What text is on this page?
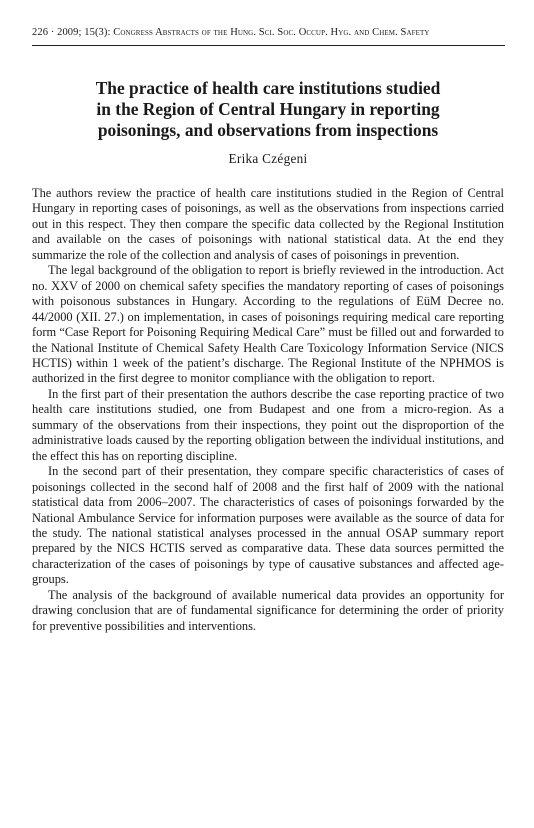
226 · 2009; 15(3): Congress Abstracts of the Hung. Sci. Soc. Occup. Hyg. and Chem. Safety
The practice of health care institutions studied
in the Region of Central Hungary in reporting
poisonings, and observations from inspections
Erika Czégeni

The authors review the practice of health care institutions studied in the Region of Central Hungary in reporting cases of poisonings, as well as the observations from inspections carried out in this respect. They then compare the specific data collected by the Regional Institution and available on the cases of poisonings with national statistical data. At the end they summarize the role of the collection and analysis of cases of poisonings in prevention.

The legal background of the obligation to report is briefly reviewed in the introduction. Act no. XXV of 2000 on chemical safety specifies the mandatory reporting of cases of poisonings with poisonous substances in Hungary. According to the regulations of EüM Decree no. 44/2000 (XII. 27.) on implementation, in cases of poisonings requiring medical care reporting form “Case Report for Poisoning Requiring Medical Care” must be filled out and forwarded to the National Institute of Chemical Safety Health Care Toxicology Information Service (NICS HCTIS) within 1 week of the patient’s discharge. The Regional Institute of the NPHMOS is authorized in the first degree to monitor compliance with the obligation to report.

In the first part of their presentation the authors describe the case reporting practice of two health care institutions studied, one from Budapest and one from a micro-region. As a summary of the observations from their inspections, they point out the disproportion of the administrative loads caused by the reporting obligation between the individual institutions, and the effect this has on reporting discipline.

In the second part of their presentation, they compare specific characteristics of cases of poisonings collected in the second half of 2008 and the first half of 2009 with the national statistical data from 2006–2007. The characteristics of cases of poisonings forwarded by the National Ambulance Service for information purposes were available as the source of data for the study. The national statistical analyses processed in the annual OSAP summary report prepared by the NICS HCTIS served as comparative data. These data sources permitted the characterization of the cases of poisonings by type of causative substances and affected age-groups.

The analysis of the background of available numerical data provides an opportunity for drawing conclusion that are of fundamental significance for determining the order of priority for preventive possibilities and interventions.
